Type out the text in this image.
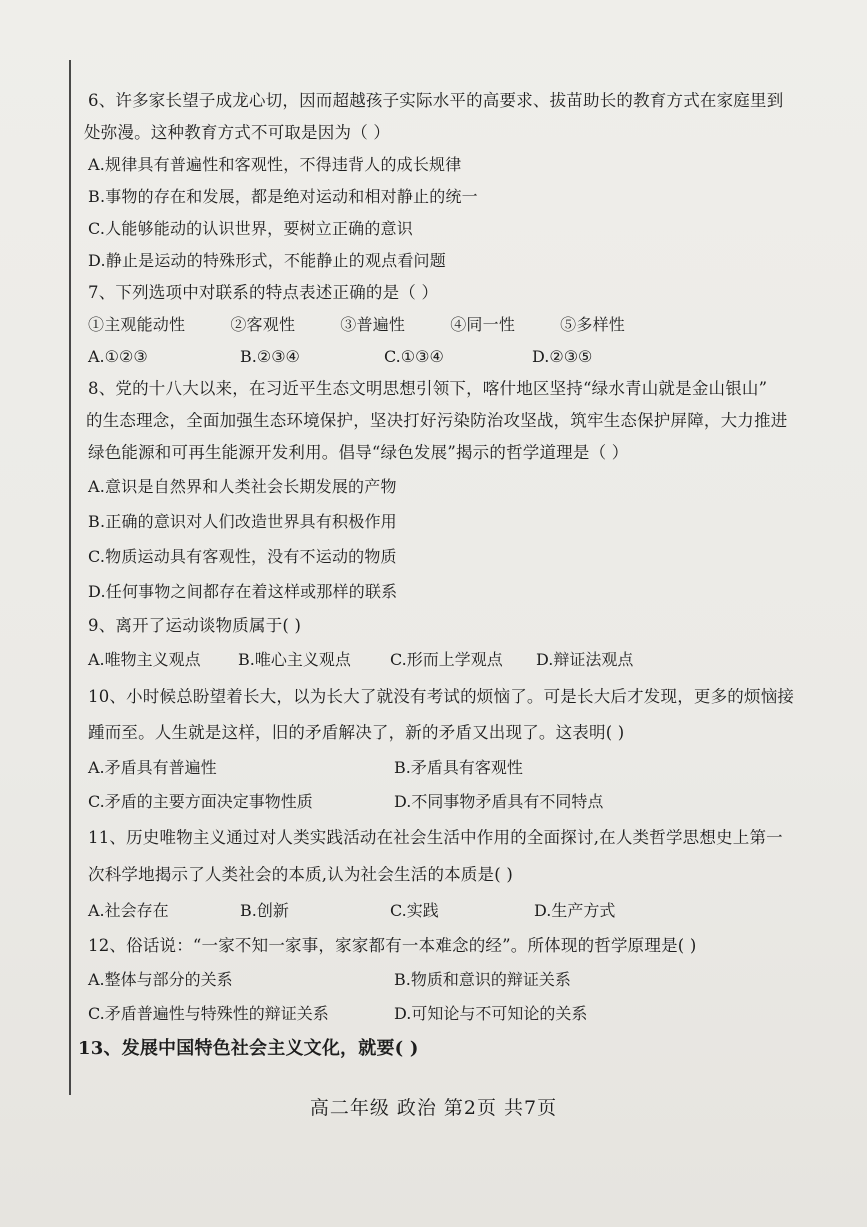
6、许多家长望子成龙心切，因而超越孩子实际水平的高要求、拔苗助长的教育方式在家庭里到
处弥漫。这种教育方式不可取是因为（ ）
A.规律具有普遍性和客观性，不得违背人的成长规律
B.事物的存在和发展，都是绝对运动和相对静止的统一
C.人能够能动的认识世界，要树立正确的意识
D.静止是运动的特殊形式，不能静止的观点看问题
7、下列选项中对联系的特点表述正确的是（ ）
①主观能动性    ②客观性    ③普遍性    ④同一性    ⑤多样性
A.①②③	B.②③④	C.①③④	D.②③⑤
8、党的十八大以来，在习近平生态文明思想引领下，喀什地区坚持“绿水青山就是金山银山”
的生态理念，全面加强生态环境保护，坚决打好污染防治攻坚战，筑牢生态保护屏障，大力推进
绿色能源和可再生能源开发利用。倡导“绿色发展”揭示的哲学道理是（ ）
A.意识是自然界和人类社会长期发展的产物
B.正确的意识对人们改造世界具有积极作用
C.物质运动具有客观性，没有不运动的物质
D.任何事物之间都存在着这样或那样的联系
9、离开了运动谈物质属于( )
A.唯物主义观点	B.唯心主义观点	C.形而上学观点	D.辩证法观点
10、小时候总盼望着长大，以为长大了就没有考试的烦恼了。可是长大后才发现，更多的烦恼接
踵而至。人生就是这样，旧的矛盾解决了，新的矛盾又出现了。这表明( )
A.矛盾具有普遍性	B.矛盾具有客观性
C.矛盾的主要方面决定事物性质	D.不同事物矛盾具有不同特点
11、历史唯物主义通过对人类实践活动在社会生活中作用的全面探讨,在人类哲学思想史上第一
次科学地揭示了人类社会的本质,认为社会生活的本质是( )
A.社会存在	B.创新	C.实践	D.生产方式
12、俗话说：“一家不知一家事，家家都有一本难念的经”。所体现的哲学原理是( )
A.整体与部分的关系	B.物质和意识的辩证关系
C.矛盾普遍性与特殊性的辩证关系	D.可知论与不可知论的关系
13、发展中国特色社会主义文化，就要( )
高二年级 政治 第2页 共7页
